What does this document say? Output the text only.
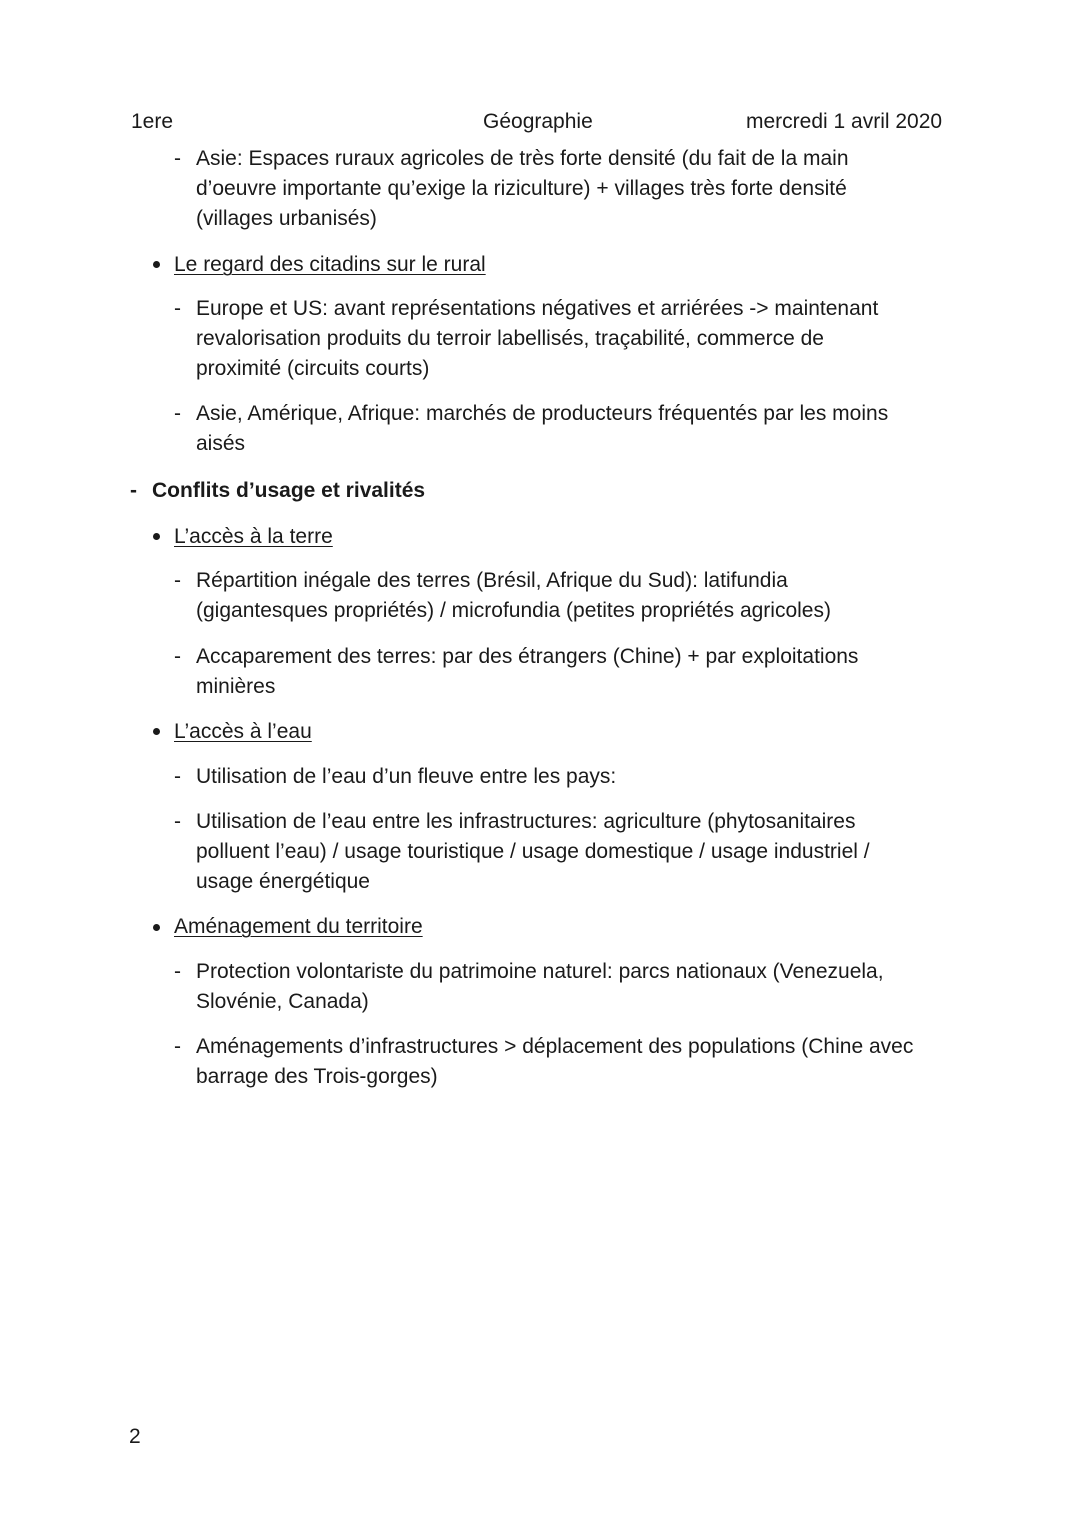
1ere	Géographie	mercredi 1 avril 2020
- Asie: Espaces ruraux agricoles de très forte densité (du fait de la main
d’oeuvre importante qu’exige la riziculture) + villages très forte densité
(villages urbanisés)
Le regard des citadins sur le rural
- Europe et US: avant représentations négatives et arriérées -> maintenant
revalorisation produits du terroir labellisés, traçabilité, commerce de
proximité (circuits courts)
- Asie, Amérique, Afrique: marchés de producteurs fréquentés par les moins
aisés
- Conflits d’usage et rivalités
L’accès à la terre
- Répartition inégale des terres (Brésil, Afrique du Sud): latifundia
(gigantesques propriétés) / microfundia (petites propriétés agricoles)
- Accaparement des terres: par des étrangers (Chine) + par exploitations
minières
L’accès à l’eau
- Utilisation de l’eau d’un fleuve entre les pays:
- Utilisation de l’eau entre les infrastructures: agriculture (phytosanitaires
polluent l’eau) / usage touristique / usage domestique / usage industriel /
usage énergétique
Aménagement du territoire
- Protection volontariste du patrimoine naturel: parcs nationaux (Venezuela,
Slovénie, Canada)
- Aménagements d’infrastructures > déplacement des populations (Chine avec
barrage des Trois-gorges)
2
